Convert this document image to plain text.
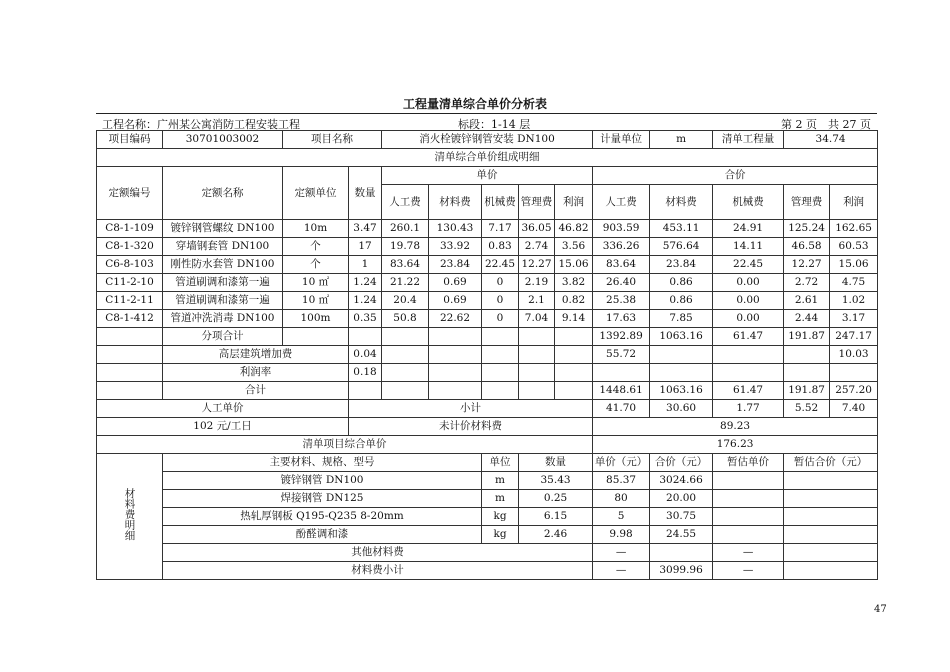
工程量清单综合单价分析表
工程名称：广州某公寓消防工程安装工程	标段：1-14 层	第 2 页　共 27 页
项目编码	30701003002	项目名称		消火栓镀锌钢管安装 DN100					计量单位	m	清单工程量	34.74	
清单综合单价组成明细													
定额编号	定额名称	定额单位	数量	单价					合价				
				人工费	材料费	机械费	管理费	利润	人工费	材料费	机械费	管理费	利润
C8-1-109	镀锌钢管螺纹 DN100	10m	3.47	260.1	130.43	7.17	36.05	46.82	903.59	453.11	24.91	125.24	162.65
C8-1-320	穿墙钢套管 DN100	个	17	19.78	33.92	0.83	2.74	3.56	336.26	576.64	14.11	46.58	60.53
C6-8-103	刚性防水套管 DN100	个	1	83.64	23.84	22.45	12.27	15.06	83.64	23.84	22.45	12.27	15.06
C11-2-10	管道刷调和漆第一遍	10 ㎡	1.24	21.22	0.69	0	2.19	3.82	26.40	0.86	0.00	2.72	4.75
C11-2-11	管道刷调和漆第一遍	10 ㎡	1.24	20.4	0.69	0	2.1	0.82	25.38	0.86	0.00	2.61	1.02
C8-1-412	管道冲洗消毒 DN100	100m	0.35	50.8	22.62	0	7.04	9.14	17.63	7.85	0.00	2.44	3.17
	分项合计								1392.89	1063.16	61.47	191.87	247.17
	高层建筑增加费		0.04						55.72				10.03
	利润率		0.18										
	合计								1448.61	1063.16	61.47	191.87	257.20
人工单价			小计						41.70	30.60	1.77	5.52	7.40
102 元/工日			未计价材料费						89.23				
清单项目综合单价									176.23				
材料费明细	主要材料、规格、型号					单位	数量		单价（元）	合价（元）	暂估单价	暂估合价（元）	
	镀锌钢管 DN100					m	35.43		85.37	3024.66			
	焊接钢管 DN125					m	0.25		80	20.00			
	热轧厚钢板 Q195-Q235 8-20mm					kg	6.15		5	30.75			
	酚醛调和漆					kg	2.46		9.98	24.55			
	其他材料费								—		—		
	材料费小计								—	3099.96	—		
47
